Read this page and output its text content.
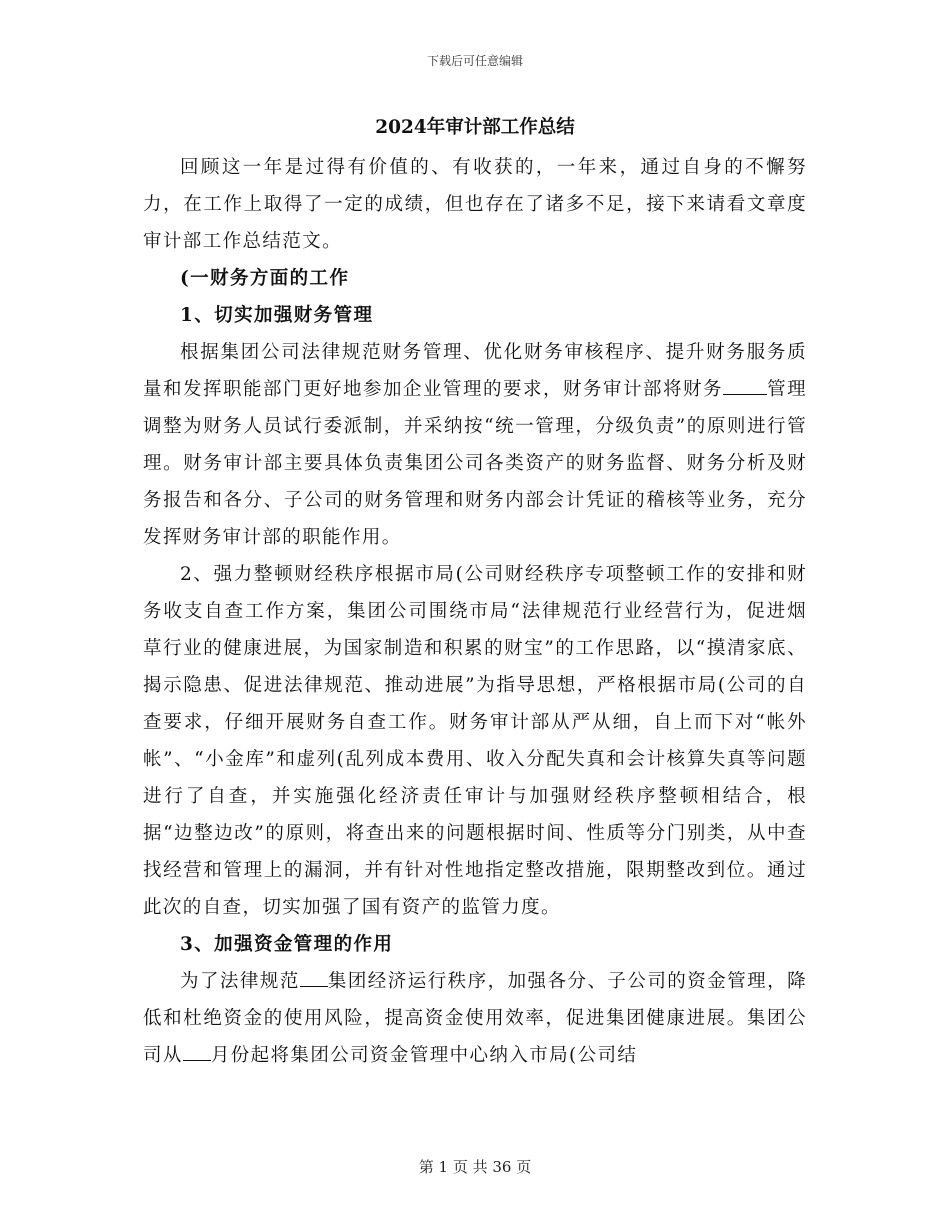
下载后可任意编辑
2024年审计部工作总结

回顾这一年是过得有价值的、有收获的，一年来，通过自身的不懈努力，在工作上取得了一定的成绩，但也存在了诸多不足，接下来请看文章度审计部工作总结范文。

(一财务方面的工作

1、切实加强财务管理

根据集团公司法律规范财务管理、优化财务审核程序、提升财务服务质量和发挥职能部门更好地参加企业管理的要求，财务审计部将财务 管理调整为财务人员试行委派制，并采纳按“统一管理，分级负责”的原则进行管理。财务审计部主要具体负责集团公司各类资产的财务监督、财务分析及财务报告和各分、子公司的财务管理和财务内部会计凭证的稽核等业务，充分发挥财务审计部的职能作用。

2、强力整顿财经秩序根据市局(公司财经秩序专项整顿工作的安排和财务收支自查工作方案，集团公司围绕市局“法律规范行业经营行为，促进烟草行业的健康进展，为国家制造和积累的财宝”的工作思路，以“摸清家底、揭示隐患、促进法律规范、推动进展”为指导思想，严格根据市局(公司的自查要求，仔细开展财务自查工作。财务审计部从严从细，自上而下对“帐外帐”、“小金库”和虚列(乱列成本费用、收入分配失真和会计核算失真等问题进行了自查，并实施强化经济责任审计与加强财经秩序整顿相结合，根据“边整边改”的原则，将查出来的问题根据时间、性质等分门别类，从中查找经营和管理上的漏洞，并有针对性地指定整改措施，限期整改到位。通过此次的自查，切实加强了国有资产的监管力度。

3、加强资金管理的作用

为了法律规范 集团经济运行秩序，加强各分、子公司的资金管理，降低和杜绝资金的使用风险，提高资金使用效率，促进集团健康进展。集团公司从 月份起将集团公司资金管理中心纳入市局(公司结

第 1 页 共 36 页
